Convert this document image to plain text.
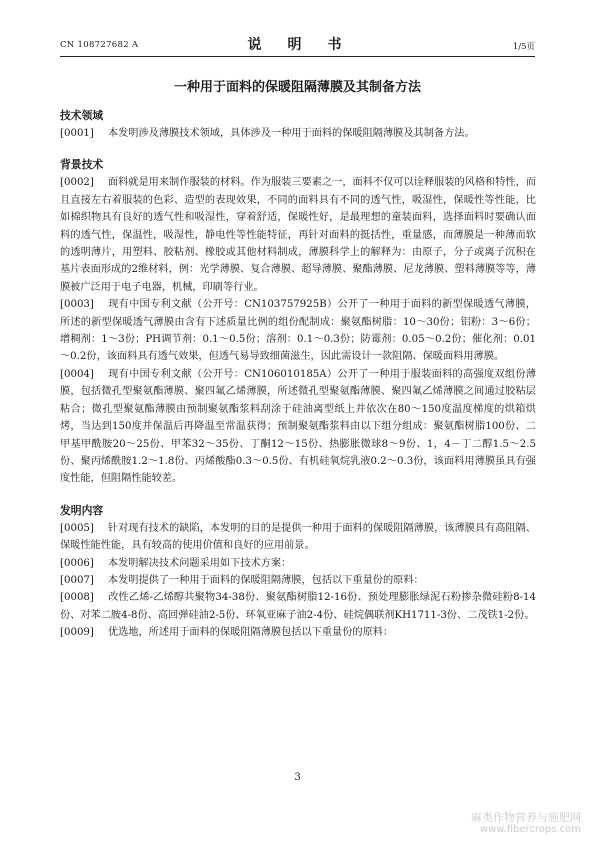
CN 108727682 A	说　明　书	1/5页
一种用于面料的保暖阻隔薄膜及其制备方法
技术领域

[0001] 本发明涉及薄膜技术领域，具体涉及一种用于面料的保暖阻隔薄膜及其制备方法。

背景技术

[0002] 面料就是用来制作服装的材料。作为服装三要素之一，面料不仅可以诠释服装的风格和特性，而且直接左右着服装的色彩、造型的表现效果，不同的面料具有不同的透气性，吸湿性，保暖性等性能，比如棉织物具有良好的透气性和吸湿性，穿着舒适，保暖性好，是最理想的童装面料，选择面料时要确认面料的透气性，保温性，吸湿性，静电性等性能特征，再针对面料的挺括性，重量感，而薄膜是一种薄而软的透明薄片，用塑料、胶粘剂、橡胶或其他材料制成，薄膜科学上的解释为：由原子，分子或离子沉积在基片表面形成的2维材料，例：光学薄膜、复合薄膜、超导薄膜、聚酯薄膜、尼龙薄膜、塑料薄膜等等，薄膜被广泛用于电子电器，机械，印刷等行业。

[0003] 现有中国专利文献（公开号：CN103757925B）公开了一种用于面料的新型保暖透气薄膜，所述的新型保暖透气薄膜由含有下述质量比例的组份配制成：聚氨酯树脂：10～30份；铝粉：3～6份；增稠剂：1～3份；PH调节剂：0.1～0.5份；溶剂：0.1～0.3份；防霉剂：0.05～0.2份；催化剂：0.01～0.2份，该面料具有透气效果，但透气易导致细菌滋生，因此需设计一款阻隔、保暖面料用薄膜。

[0004] 现有中国专利文献（公开号：CN106010185A）公开了一种用于服装面料的高强度双组份薄膜，包括微孔型聚氨酯薄膜、聚四氟乙烯薄膜，所述微孔型聚氨酯薄膜、聚四氟乙烯薄膜之间通过胶粘层粘合；微孔型聚氨酯薄膜由预制聚氨酯浆料刮涂于硅油离型纸上并依次在80～150度温度梯度的烘箱烘烤，当达到150度并保温后再降温至常温获得；预制聚氨酯浆料由以下组分组成：聚氨酯树脂100份、二甲基甲酰胺20～25份、甲苯32～35份、丁酮12～15份、热膨胀微球8～9份、1，4－丁二醇1.5～2.5份、聚丙烯酰胺1.2～1.8份、丙烯酸酯0.3～0.5份、有机硅氧烷乳液0.2～0.3份，该面料用薄膜虽具有强度性能，但阻隔性能较差。

发明内容

[0005] 针对现有技术的缺陷，本发明的目的是提供一种用于面料的保暖阻隔薄膜，该薄膜具有高阻隔、保暖性能性能，具有较高的使用价值和良好的应用前景。

[0006] 本发明解决技术问题采用如下技术方案：

[0007] 本发明提供了一种用于面料的保暖阻隔薄膜，包括以下重量份的原料：

[0008] 改性乙烯-乙烯醇共聚物34-38份、聚氨酯树脂12-16份、预处理膨胀绿泥石粉掺杂微硅粉8-14份、对苯二胺4-8份、高回弹硅油2-5份、环氧亚麻子油2-4份、硅烷偶联剂KH1711-3份、二茂铁1-2份。

[0009] 优选地，所述用于面料的保暖阻隔薄膜包括以下重量份的原料：

3
麻类作物营养与施肥网
www.fibercrops.com
